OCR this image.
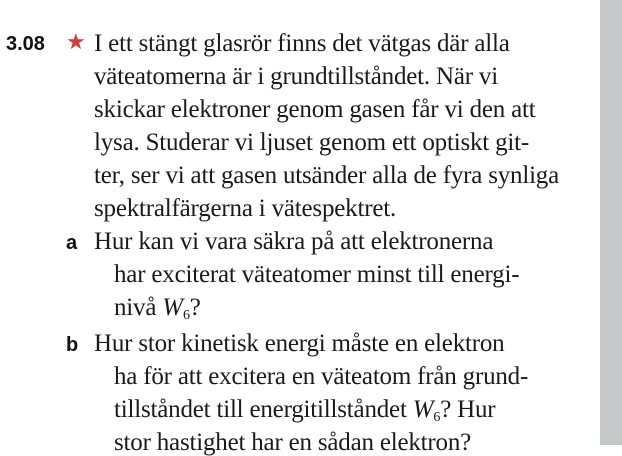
3.08 ★ I ett stängt glasrör finns det vätgas där alla
väteatomerna är i grundtillståndet. När vi
skickar elektroner genom gasen får vi den att
lysa. Studerar vi ljuset genom ett optiskt git-
ter, ser vi att gasen utsänder alla de fyra synliga
spektralfärgerna i vätespektret.
a Hur kan vi vara säkra på att elektronerna
har exciterat väteatomer minst till energi-
nivå $W_6$?
b Hur stor kinetisk energi måste en elektron
ha för att excitera en väteatom från grund-
tillståndet till energitillståndet $W_6$? Hur
stor hastighet har en sådan elektron?
